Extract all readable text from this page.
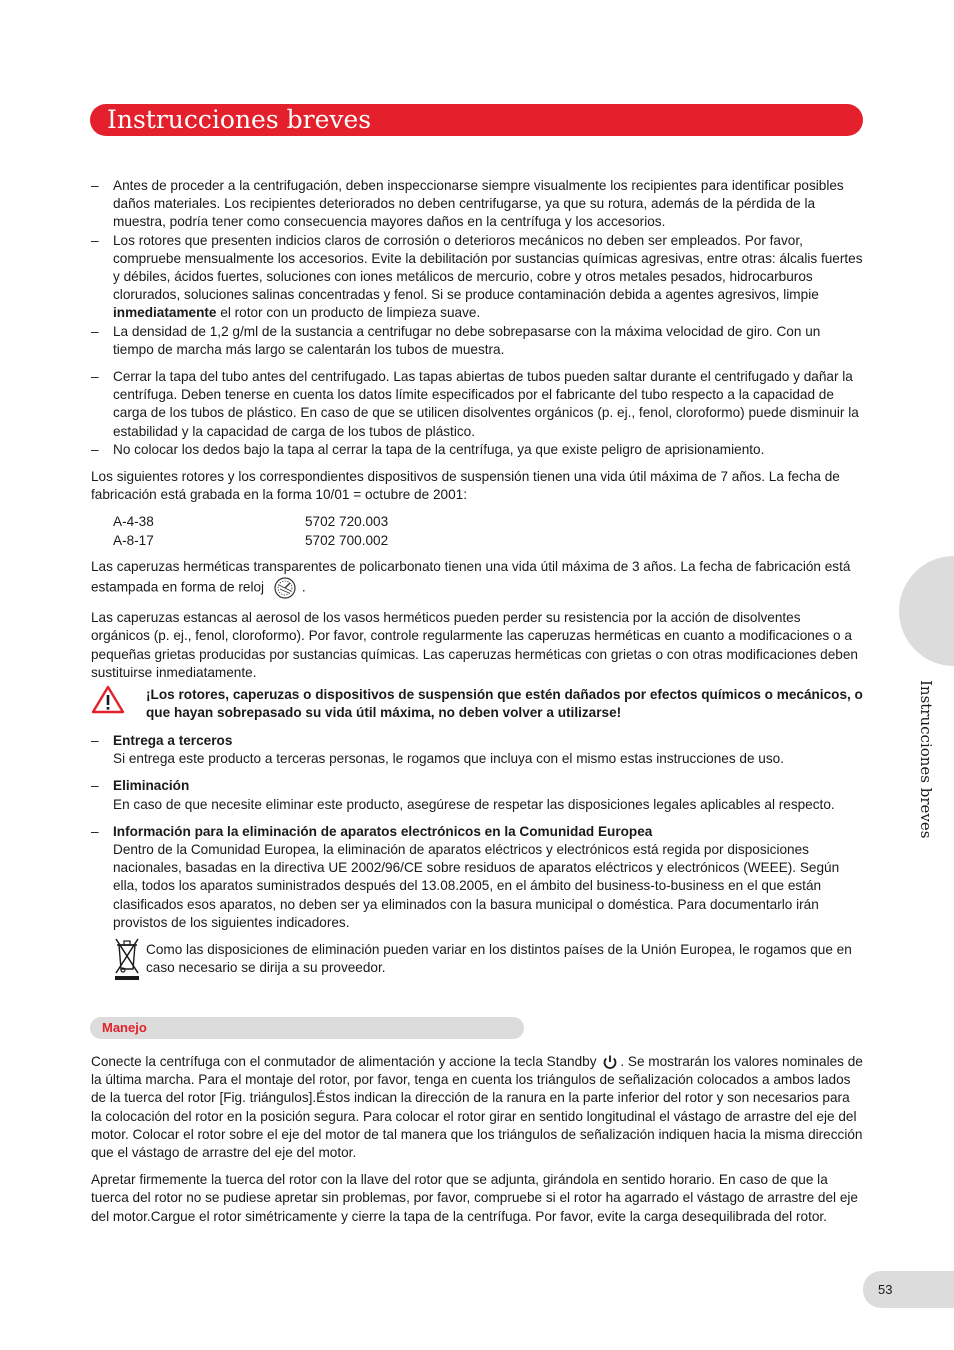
Instrucciones breves
Instrucciones breves
– Antes de proceder a la centrifugación, deben inspeccionarse siempre visualmente los recipientes para identificar posibles daños materiales. Los recipientes deteriorados no deben centrifugarse, ya que su rotura, además de la pérdida de la muestra, podría tener como consecuencia mayores daños en la centrífuga y los accesorios.

– Los rotores que presenten indicios claros de corrosión o deterioros mecánicos no deben ser empleados. Por favor, compruebe mensualmente los accesorios. Evite la debilitación por sustancias químicas agresivas, entre otras: álcalis fuertes y débiles, ácidos fuertes, soluciones con iones metálicos de mercurio, cobre y otros metales pesados, hidrocarburos clorurados, soluciones salinas concentradas y fenol. Si se produce contaminación debida a agentes agresivos, limpie inmediatamente el rotor con un producto de limpieza suave.

– La densidad de 1,2 g/ml de la sustancia a centrifugar no debe sobrepasarse con la máxima velocidad de giro. Con un tiempo de marcha más largo se calentarán los tubos de muestra.

– Cerrar la tapa del tubo antes del centrifugado. Las tapas abiertas de tubos pueden saltar durante el centrifugado y dañar la centrífuga. Deben tenerse en cuenta los datos límite especificados por el fabricante del tubo respecto a la capacidad de carga de los tubos de plástico. En caso de que se utilicen disolventes orgánicos (p. ej., fenol, cloroformo) puede disminuir la estabilidad y la capacidad de carga de los tubos de plástico.

– No colocar los dedos bajo la tapa al cerrar la tapa de la centrífuga, ya que existe peligro de aprisionamiento.

Los siguientes rotores y los correspondientes dispositivos de suspensión tienen una vida útil máxima de 7 años. La fecha de fabricación está grabada en la forma 10/01 = octubre de 2001:

A-4-38	5702 720.003
A-8-17	5702 700.002

Las caperuzas herméticas transparentes de policarbonato tienen una vida útil máxima de 3 años. La fecha de fabricación está estampada en forma de reloj	.

Las caperuzas estancas al aerosol de los vasos herméticos pueden perder su resistencia por la acción de disolventes orgánicos (p. ej., fenol, cloroformo). Por favor, controle regularmente las caperuzas herméticas en cuanto a modificaciones o a pequeñas grietas producidas por sustancias químicas. Las caperuzas herméticas con grietas o con otras modificaciones deben sustituirse inmediatamente.

¡Los rotores, caperuzas o dispositivos de suspensión que estén dañados por efectos químicos o mecánicos, o que hayan sobrepasado su vida útil máxima, no deben volver a utilizarse!

– Entrega a terceros

Si entrega este producto a terceras personas, le rogamos que incluya con el mismo estas instrucciones de uso.

– Eliminación

En caso de que necesite eliminar este producto, asegúrese de respetar las disposiciones legales aplicables al respecto.

– Información para la eliminación de aparatos electrónicos en la Comunidad Europea

Dentro de la Comunidad Europea, la eliminación de aparatos eléctricos y electrónicos está regida por disposiciones nacionales, basadas en la directiva UE 2002/96/CE sobre residuos de aparatos eléctricos y electrónicos (WEEE). Según ella, todos los aparatos suministrados después del 13.08.2005, en el ámbito del business-to-business en el que están clasificados esos aparatos, no deben ser ya eliminados con la basura municipal o doméstica. Para documentarlo irán provistos de los siguientes indicadores.

Como las disposiciones de eliminación pueden variar en los distintos países de la Unión Europea, le rogamos que en caso necesario se dirija a su proveedor.

Manejo

Conecte la centrífuga con el conmutador de alimentación y accione la tecla Standby . Se mostrarán los valores nominales de la última marcha. Para el montaje del rotor, por favor, tenga en cuenta los triángulos de señalización colocados a ambos lados de la tuerca del rotor [Fig. triángulos].Éstos indican la dirección de la ranura en la parte inferior del rotor y son necesarios para la colocación del rotor en la posición segura. Para colocar el rotor girar en sentido longitudinal el vástago de arrastre del eje del motor. Colocar el rotor sobre el eje del motor de tal manera que los triángulos de señalización indiquen hacia la misma dirección que el vástago de arrastre del eje del motor.

Apretar firmemente la tuerca del rotor con la llave del rotor que se adjunta, girándola en sentido horario. En caso de que la tuerca del rotor no se pudiese apretar sin problemas, por favor, compruebe si el rotor ha agarrado el vástago de arrastre del eje del motor.Cargue el rotor simétricamente y cierre la tapa de la centrífuga. Por favor, evite la carga desequilibrada del rotor.

53
